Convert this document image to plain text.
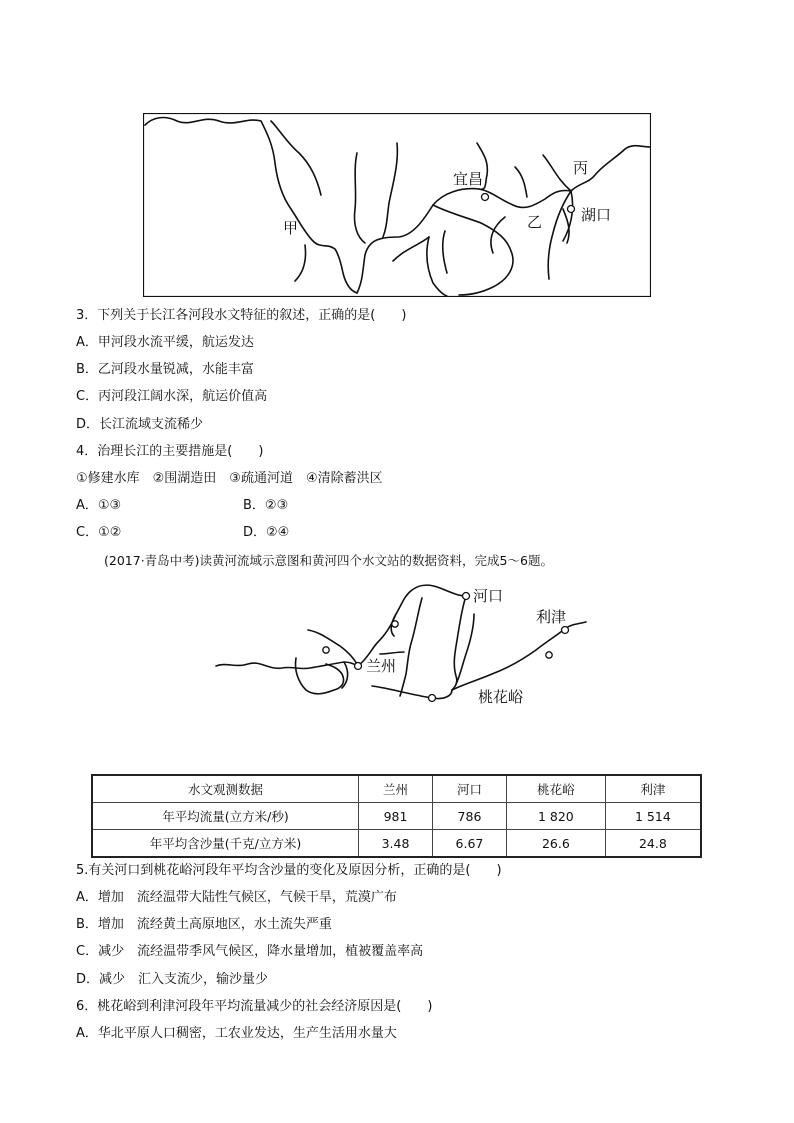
甲
宜昌
乙
丙
湖口
3．下列关于长江各河段水文特征的叙述，正确的是(　　)
A．甲河段水流平缓，航运发达
B．乙河段水量锐减，水能丰富
C．丙河段江阔水深，航运价值高
D．长江流域支流稀少
4．治理长江的主要措施是(　　)
①修建水库　②围湖造田　③疏通河道　④清除蓄洪区
A．①③	B．②③
C．①②	D．②④
(2017·青岛中考)读黄河流域示意图和黄河四个水文站的数据资料，完成5～6题。
河口
利津
兰州
桃花峪
水文观测数据	兰州	河口	桃花峪	利津
年平均流量(立方米/秒)	981	786	1 820	1 514
年平均含沙量(千克/立方米)	3.48	6.67	26.6	24.8
5.有关河口到桃花峪河段年平均含沙量的变化及原因分析，正确的是(　　)
A．增加　流经温带大陆性气候区，气候干旱，荒漠广布
B．增加　流经黄土高原地区，水土流失严重
C．减少　流经温带季风气候区，降水量增加，植被覆盖率高
D．减少　汇入支流少，输沙量少
6．桃花峪到利津河段年平均流量减少的社会经济原因是(　　)
A．华北平原人口稠密，工农业发达，生产生活用水量大
